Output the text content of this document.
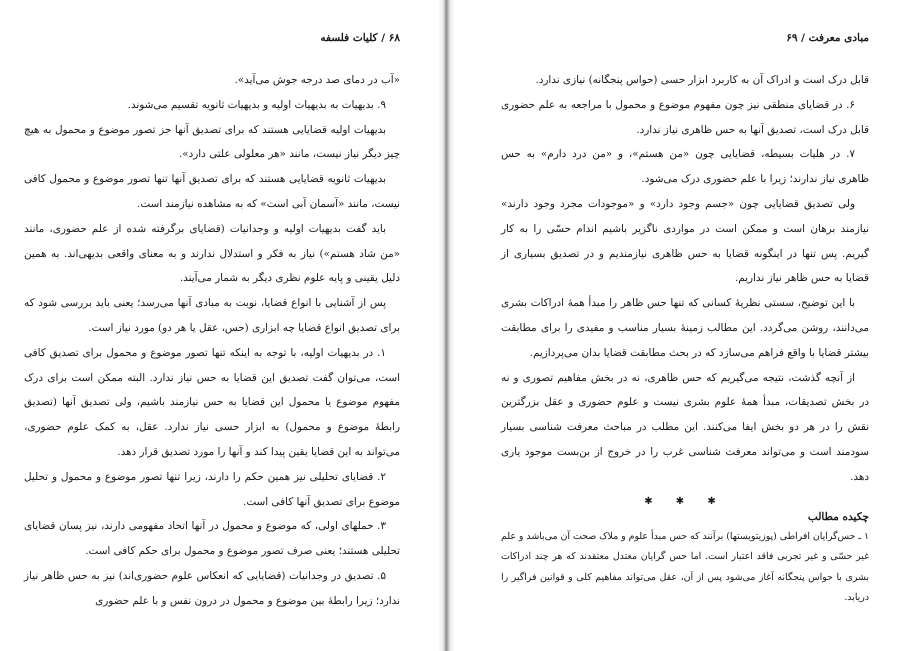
۶۸ / کلیات فلسفه

«آب در دمای صد درجه جوش می‌آید».

۹. بدیهیات به بدیهیات اولیه و بدیهیات ثانویه تقسیم می‌شوند.

بدیهیات اولیه قضایایی هستند که برای تصدیق آنها جز تصور موضوع و محمول به هیچ چیز دیگر نیاز نیست، مانند «هر معلولی علتی دارد».

بدیهیات ثانویه قضایایی هستند که برای تصدیق آنها تنها تصور موضوع و محمول کافی نیست، مانند «آسمان آبی است» که به مشاهده نیاز‌مند است.

باید گفت بدیهیات اولیه و وجدانیات (قضایای برگرفته شده از علم حضوری، مانند «من شاد هستم») نیاز به فکر و استدلال ندارند و به معنای واقعی بدیهی‌اند. به همین دلیل یقینی و پایه علوم نظری دیگر به شمار می‌آیند.

پس از آشنایی با انواع قضایا، نوبت به مبادی آنها می‌رسد؛ یعنی باید بررسی شود که برای تصدیق انواع قضایا چه ابزاری (حس، عقل یا هر دو) مورد نیاز است.

۱. در بدیهیات اولیه، با توجه به اینکه تنها تصور موضوع و محمول برای تصدیق کافی است، می‌توان گفت تصدیق این قضایا به حس نیاز ندارد. البته ممکن است برای درک مفهوم موضوع یا محمول این قضایا به حس نیازمند باشیم، ولی تصدیق آنها (تصدیق رابطهٔ موضوع و محمول) به ابزار حسی نیاز ندارد. عقل، به کمک علوم حضوری، می‌تواند به این قضایا یقین پیدا کند و آنها را مورد تصدیق قرار دهد.

۲. قضایای تحلیلی نیز همین حکم را دارند، زیرا تنها تصور موضوع و محمول و تحلیل موضوع برای تصدیق آنها کافی است.

۳. حملهای اولی، که موضوع و محمول در آنها اتحاد مفهومی دارند، نیز پسان قضایای تحلیلی هستند؛ یعنی صرف تصور موضوع و محمول برای حکم کافی است.

۵. تصدیق در وجدانیات (قضایایی که انعکاس علوم حضوری‌اند) نیز به حس ظاهر نیاز ندارد؛ زیرا رابطهٔ بین موضوع و محمول در درون نفس و با علم حضوری

مبادی معرفت / ۶۹

قابل درک است و ادراک آن به کاربرد ابزار حسی (حواس پنجگانه) نیازی ندارد.

۶. در قضایای منطقی نیز چون مفهوم موضوع و محمول با مراجعه به علم حضوری قابل درک است، تصدیق آنها به حس ظاهری نیاز ندارد.

۷. در هلیات بسیطه، قضایایی چون «من هستم»، و «من درد دارم» به حس ظاهری نیاز ندارند؛ زیرا با علم حضوری درک می‌شود.

ولی تصدیق قضایایی چون «جسم وجود دارد» و «موجودات مجرد وجود دارند» نیازمند برهان است و ممکن است در مواردی ناگزیر باشیم اندام حسّی را به کار گیریم. پس تنها در اینگونه قضایا به حس ظاهری نیازمندیم و در تصدیق بسیاری از قضایا به حس ظاهر نیاز نداریم.

با این توضیح، سستی نظریهٔ کسانی که تنها حس ظاهر را مبدأ همهٔ ادراکات بشری می‌دانند، روشن می‌گردد. این مطالب زمینهٔ بسیار مناسب و مفیدی را برای مطابقت بیشتر قضایا با واقع فراهم می‌سازد که در بحث مطابقت قضایا بدان می‌پردازیم.

از آنچه گذشت، نتیجه می‌گیریم که حس ظاهری، نه در بخش مفاهیم تصوری و نه در بخش تصدیقات، مبدأ همهٔ علوم بشری نیست و علوم حضوری و عقل بزرگترین نقش را در هر دو بخش ایفا می‌کنند. این مطلب در مباحث معرفت شناسی بسیار سودمند است و می‌تواند معرفت شناسی غرب را در خروج از بن‌بست موجود یاری دهد.

✱ ✱ ✱
چکیده مطالب

۱ ـ حس‌گرایان افراطی (پوزیتویستها) برآنند که حس مبدأ علوم و ملاک صحت آن می‌باشد و علم غیر حسّی و غیر تجربی فاقد اعتبار است. اما حس گرایان معتدل معتقدند که هر چند ادراکات بشری با حواس پنجگانه آغاز می‌شود پس از آن، عقل می‌تواند مفاهیم کلی و قوانین فراگیر را دریابد.
